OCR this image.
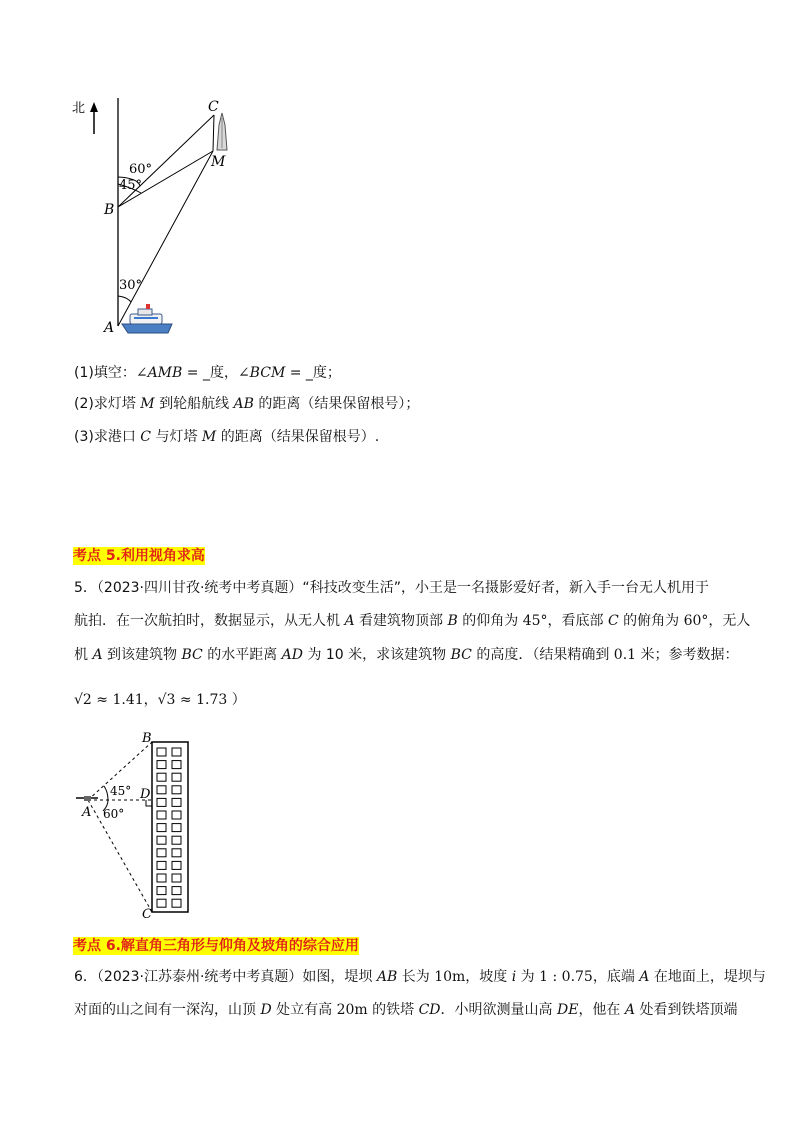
北	C
M
B
A
60°
45°
30°
(1)填空：∠AMB = _度，∠BCM = _度；
(2)求灯塔 M 到轮船航线 AB 的距离（结果保留根号）；
(3)求港口 C 与灯塔 M 的距离（结果保留根号）.
考点 5.利用视角求高
5．（2023·四川甘孜·统考中考真题）“科技改变生活”，小王是一名摄影爱好者，新入手一台无人机用于
航拍．在一次航拍时，数据显示，从无人机 A 看建筑物顶部 B 的仰角为 45°，看底部 C 的俯角为 60°，无人
机 A 到该建筑物 BC 的水平距离 AD 为 10 米，求该建筑物 BC 的高度．（结果精确到 0.1 米；参考数据：
√2 ≈ 1.41，√3 ≈ 1.73 ）
B
D
A
C
45°
60°
考点 6.解直角三角形与仰角及坡角的综合应用
6．（2023·江苏泰州·统考中考真题）如图，堤坝 AB 长为 10m，坡度 i 为 1 : 0.75，底端 A 在地面上，堤坝与
对面的山之间有一深沟，山顶 D 处立有高 20m 的铁塔 CD．小明欲测量山高 DE，他在 A 处看到铁塔顶端
